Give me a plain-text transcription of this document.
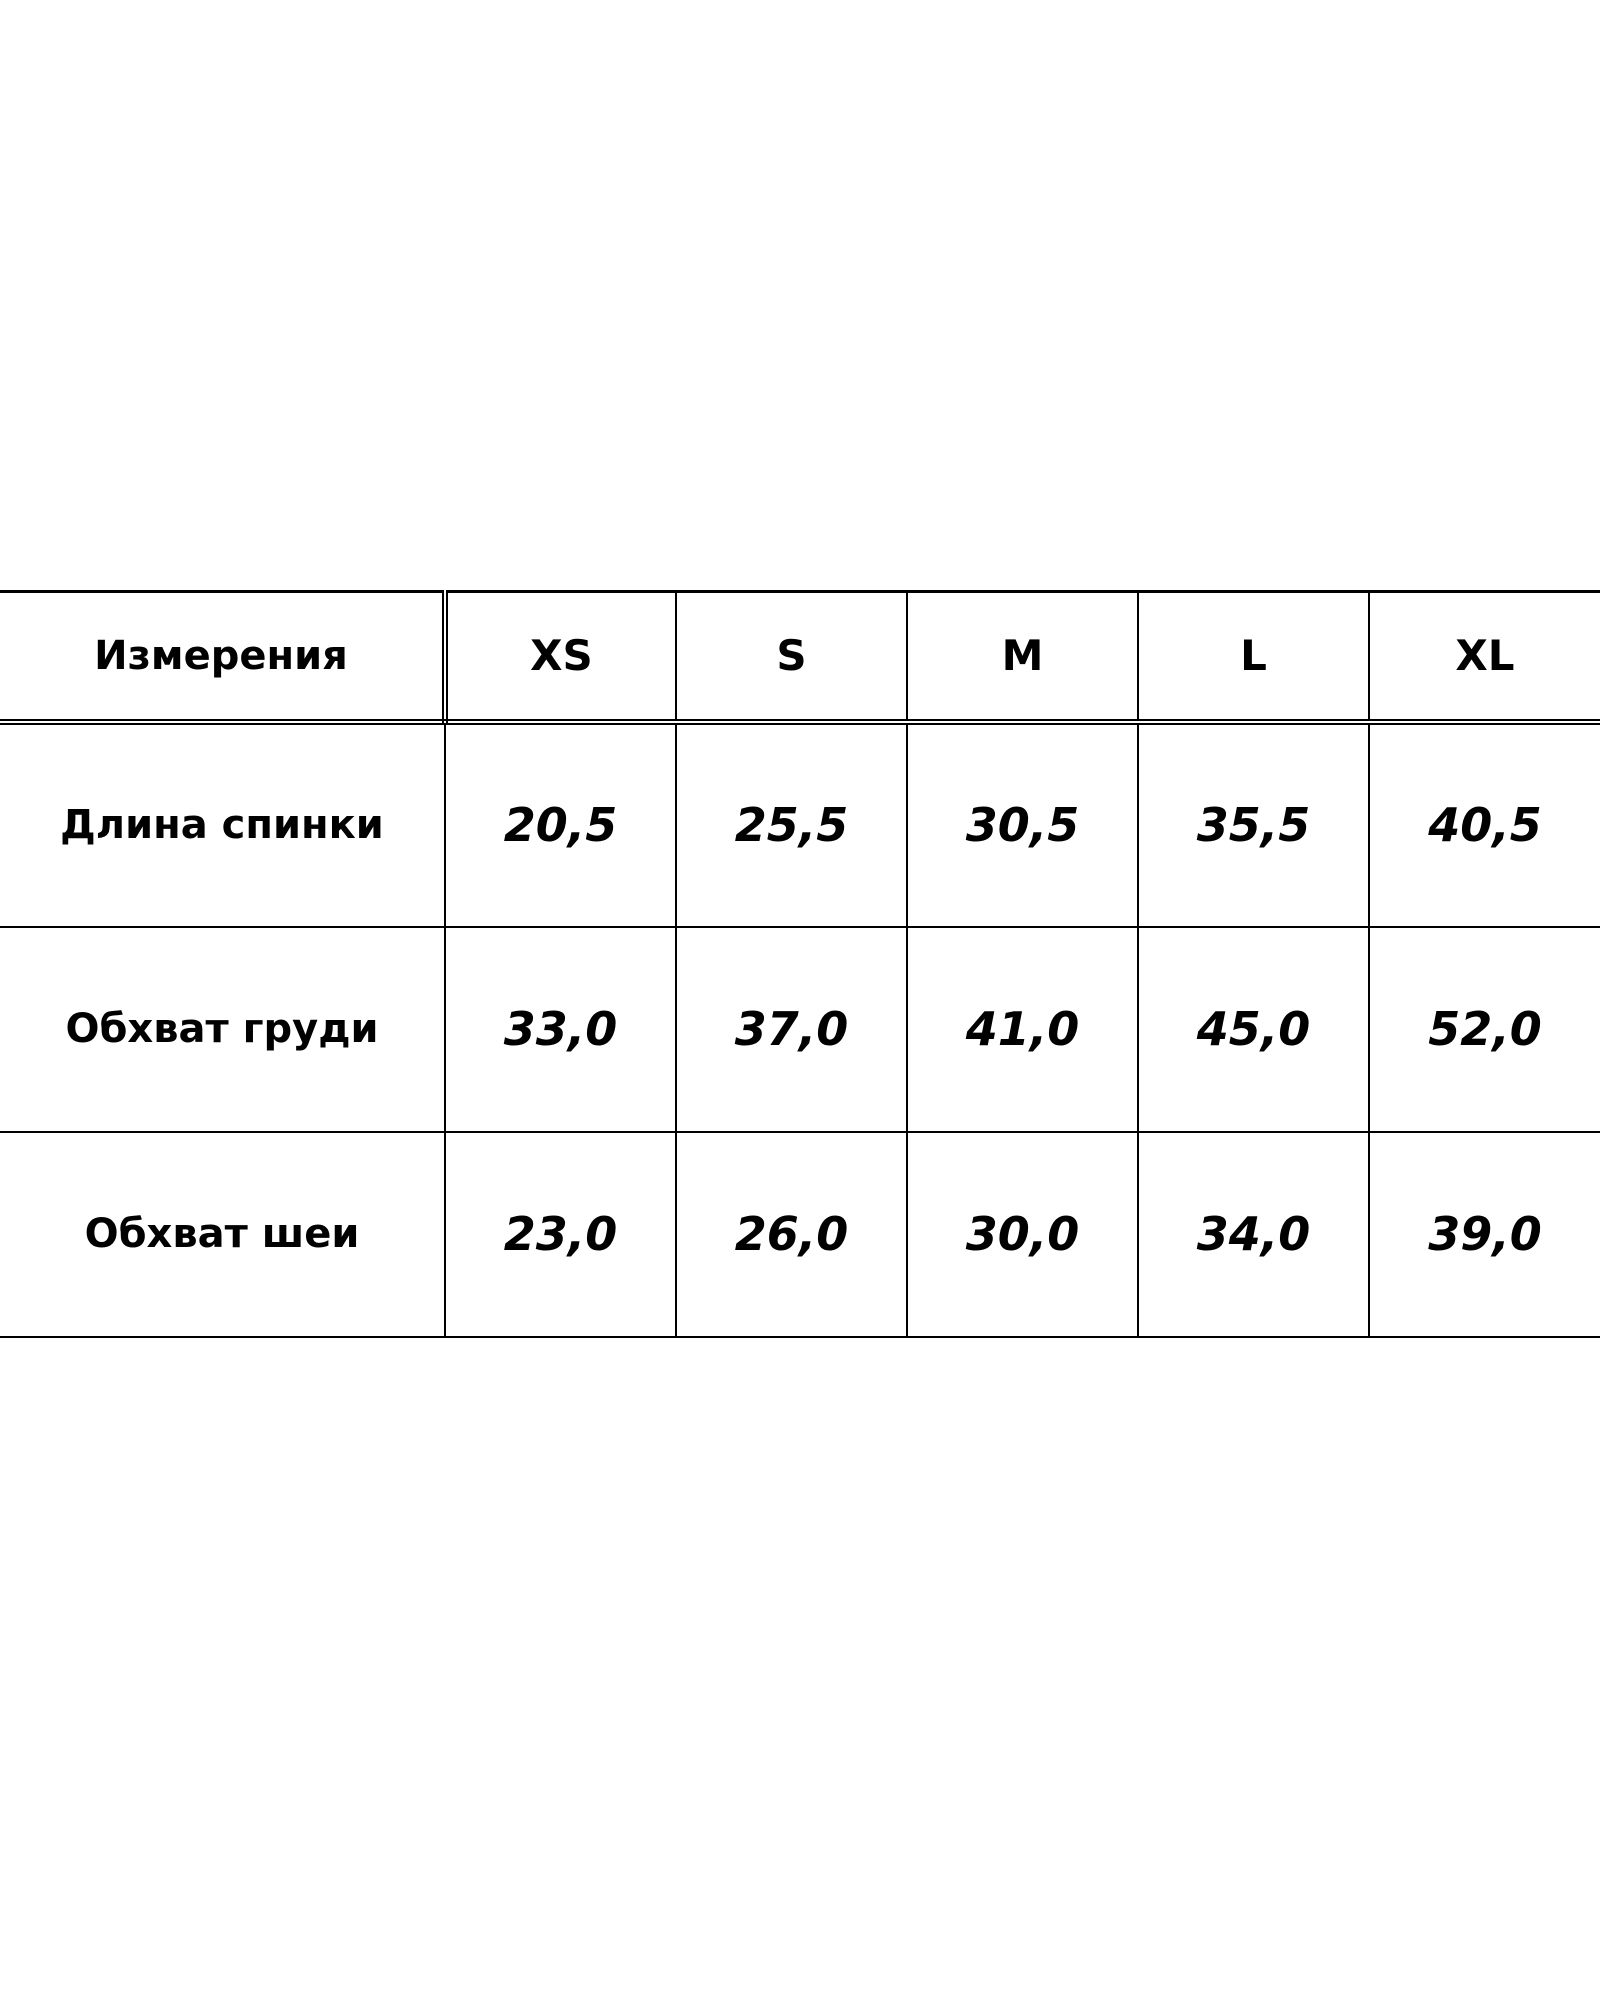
Измерения	XS	S	M	L	XL
Длина спинки	20,5	25,5	30,5	35,5	40,5
Обхват груди	33,0	37,0	41,0	45,0	52,0
Обхват шеи	23,0	26,0	30,0	34,0	39,0
